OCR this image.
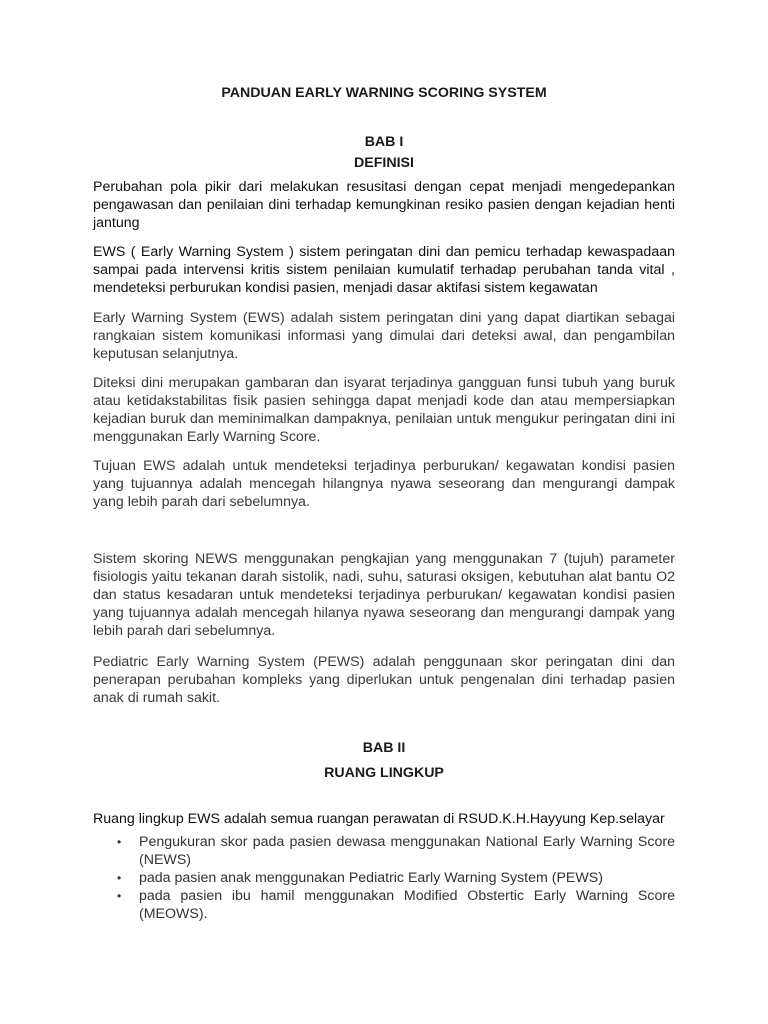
PANDUAN EARLY WARNING SCORING SYSTEM
BAB I
DEFINISI

Perubahan pola pikir dari melakukan resusitasi dengan cepat menjadi mengedepankan pengawasan dan penilaian dini terhadap kemungkinan resiko pasien dengan kejadian henti jantung

EWS ( Early Warning System ) sistem peringatan dini dan pemicu terhadap kewaspadaan sampai pada intervensi kritis sistem penilaian kumulatif terhadap perubahan tanda vital , mendeteksi perburukan kondisi pasien, menjadi dasar aktifasi sistem kegawatan

Early Warning System (EWS) adalah sistem peringatan dini yang dapat diartikan sebagai rangkaian sistem komunikasi informasi yang dimulai dari deteksi awal, dan pengambilan keputusan selanjutnya.

Diteksi dini merupakan gambaran dan isyarat terjadinya gangguan funsi tubuh yang buruk atau ketidakstabilitas fisik pasien sehingga dapat menjadi kode dan atau mempersiapkan kejadian buruk dan meminimalkan dampaknya, penilaian untuk mengukur peringatan dini ini menggunakan Early Warning Score.

Tujuan EWS adalah untuk mendeteksi terjadinya perburukan/ kegawatan kondisi pasien yang tujuannya adalah mencegah hilangnya nyawa seseorang dan mengurangi dampak yang lebih parah dari sebelumnya.

Sistem skoring NEWS menggunakan pengkajian yang menggunakan 7 (tujuh) parameter fisiologis yaitu tekanan darah sistolik, nadi, suhu, saturasi oksigen, kebutuhan alat bantu O2 dan status kesadaran untuk mendeteksi terjadinya perburukan/ kegawatan kondisi pasien yang tujuannya adalah mencegah hilanya nyawa seseorang dan mengurangi dampak yang lebih parah dari sebelumnya.

Pediatric Early Warning System (PEWS) adalah penggunaan skor peringatan dini dan penerapan perubahan kompleks yang diperlukan untuk pengenalan dini terhadap pasien anak di rumah sakit.

BAB II
RUANG LINGKUP

Ruang lingkup EWS adalah semua ruangan perawatan di RSUD.K.H.Hayyung Kep.selayar

• Pengukuran skor pada pasien dewasa menggunakan National Early Warning Score (NEWS)
• pada pasien anak menggunakan Pediatric Early Warning System (PEWS)
• pada pasien ibu hamil menggunakan Modified Obstertic Early Warning Score (MEOWS).
